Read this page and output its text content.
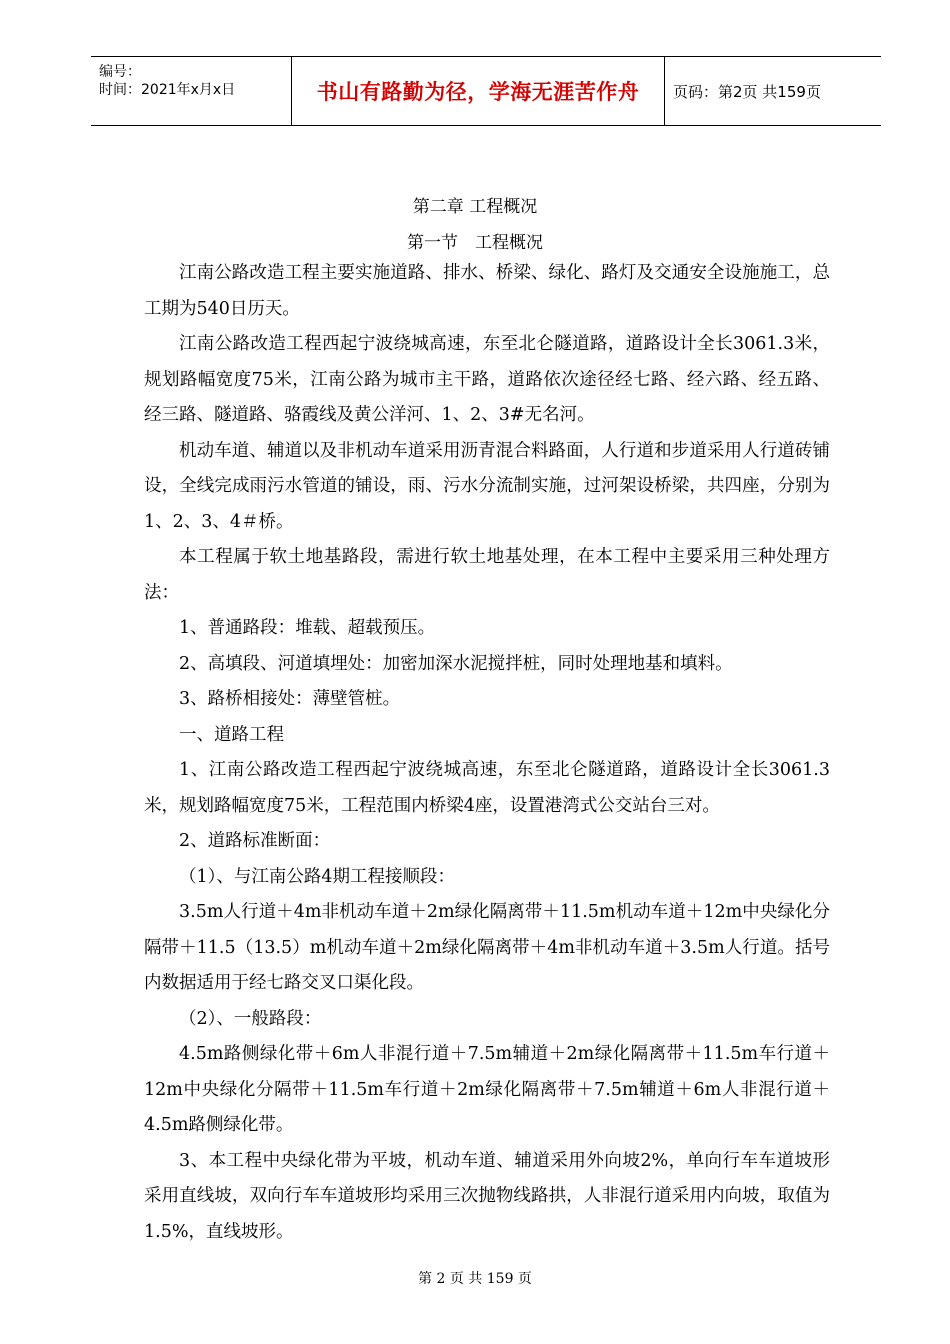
编号：
时间：2021年x月x日	书山有路勤为径，学海无涯苦作舟	页码：第2页 共159页
第二章 工程概况
第一节　工程概况

江南公路改造工程主要实施道路、排水、桥梁、绿化、路灯及交通安全设施施工，总工期为540日历天。

江南公路改造工程西起宁波绕城高速，东至北仑隧道路，道路设计全长3061.3米，规划路幅宽度75米，江南公路为城市主干路，道路依次途径经七路、经六路、经五路、经三路、隧道路、骆霞线及黄公洋河、1、2、3#无名河。

机动车道、辅道以及非机动车道采用沥青混合料路面，人行道和步道采用人行道砖铺设，全线完成雨污水管道的铺设，雨、污水分流制实施，过河架设桥梁，共四座，分别为1、2、3、4＃桥。

本工程属于软土地基路段，需进行软土地基处理，在本工程中主要采用三种处理方法：

1、普通路段：堆载、超载预压。

2、高填段、河道填埋处：加密加深水泥搅拌桩，同时处理地基和填料。

3、路桥相接处：薄壁管桩。

一、道路工程

1、江南公路改造工程西起宁波绕城高速，东至北仑隧道路，道路设计全长3061.3米，规划路幅宽度75米，工程范围内桥梁4座，设置港湾式公交站台三对。

2、道路标准断面：

（1）、与江南公路4期工程接顺段：

3.5m人行道＋4m非机动车道＋2m绿化隔离带＋11.5m机动车道＋12m中央绿化分隔带＋11.5（13.5）m机动车道＋2m绿化隔离带＋4m非机动车道＋3.5m人行道。括号内数据适用于经七路交叉口渠化段。

（2）、一般路段：

4.5m路侧绿化带＋6m人非混行道＋7.5m辅道＋2m绿化隔离带＋11.5m车行道＋12m中央绿化分隔带＋11.5m车行道＋2m绿化隔离带＋7.5m辅道＋6m人非混行道＋4.5m路侧绿化带。

3、本工程中央绿化带为平坡，机动车道、辅道采用外向坡2%，单向行车车道坡形采用直线坡，双向行车车道坡形均采用三次抛物线路拱，人非混行道采用内向坡，取值为1.5%，直线坡形。

第 2 页 共 159 页
